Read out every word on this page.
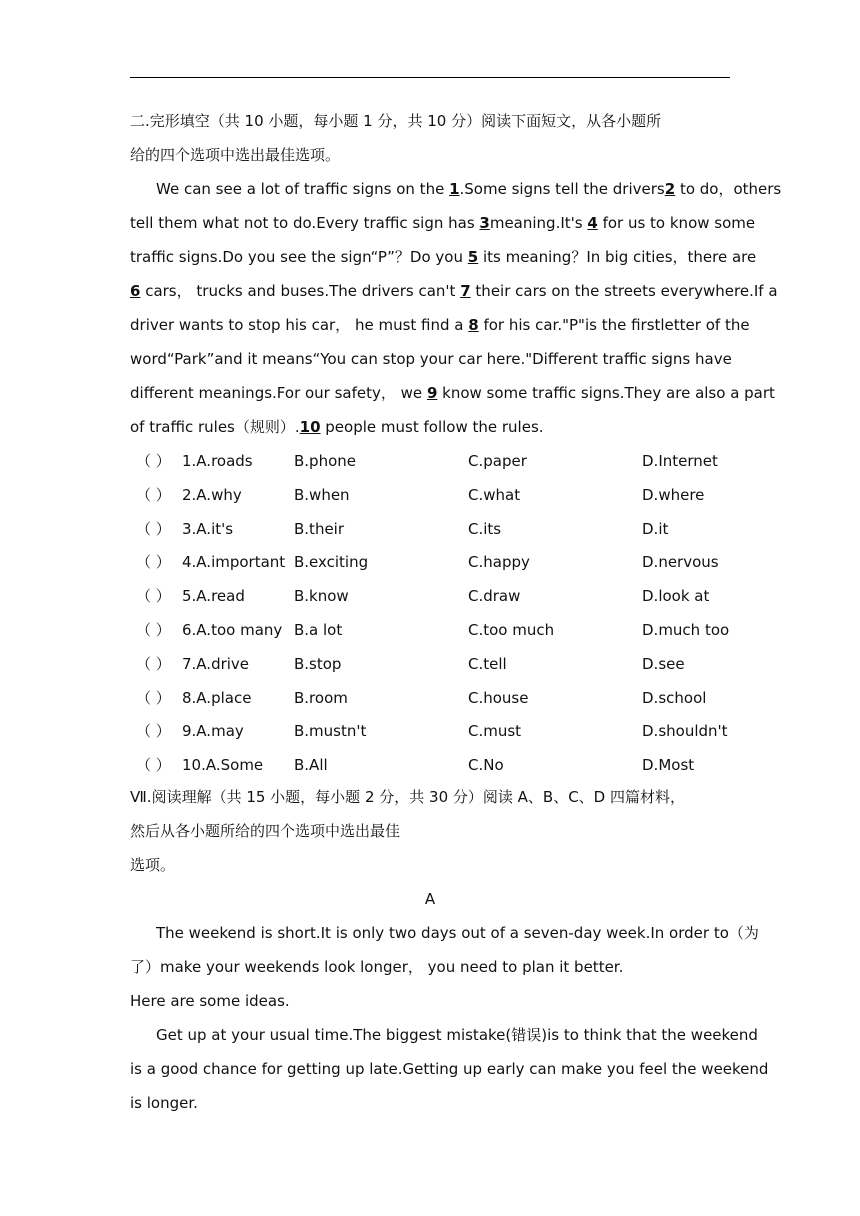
二.完形填空（共 10 小题，每小题 1 分，共 10 分）阅读下面短文，从各小题所
给的四个选项中选出最佳选项。
We can see a lot of traffic signs on the 1.Some signs tell the drivers2 to do，others
tell them what not to do.Every traffic sign has 3meaning.It's 4 for us to know some
traffic signs.Do you see the sign“P”？Do you 5 its meaning？In big cities，there are
6 cars， trucks and buses.The drivers can't 7 their cars on the streets everywhere.If a
driver wants to stop his car， he must find a 8 for his car."P"is the firstletter of the
word“Park”and it means“You can stop your car here."Different traffic signs have
different meanings.For our safety， we 9 know some traffic signs.They are also a part
of traffic rules（规则）.10 people must follow the rules.
（ ） 1.A.roads	B.phone	C.paper	D.Internet
（ ） 2.A.why	B.when	C.what	D.where
（ ） 3.A.it's	B.their	C.its	D.it
（ ） 4.A.important B.exciting	C.happy	D.nervous
（ ） 5.A.read	B.know	C.draw	D.look at
（ ） 6.A.too many B.a lot	C.too much	D.much too
（ ） 7.A.drive	B.stop	C.tell	D.see
（ ） 8.A.place	B.room	C.house	D.school
（ ） 9.A.may	B.mustn't	C.must	D.shouldn't
（ ） 10.A.Some B.All	C.No	D.Most
Ⅶ.阅读理解（共 15 小题，每小题 2 分，共 30 分）阅读 A、B、C、D 四篇材料，
然后从各小题所给的四个选项中选出最佳
选项。
A
The weekend is short.It is only two days out of a seven-day week.In order to（为
了）make your weekends look longer， you need to plan it better.
Here are some ideas.
Get up at your usual time.The biggest mistake(错误)is to think that the weekend
is a good chance for getting up late.Getting up early can make you feel the weekend
is longer.
